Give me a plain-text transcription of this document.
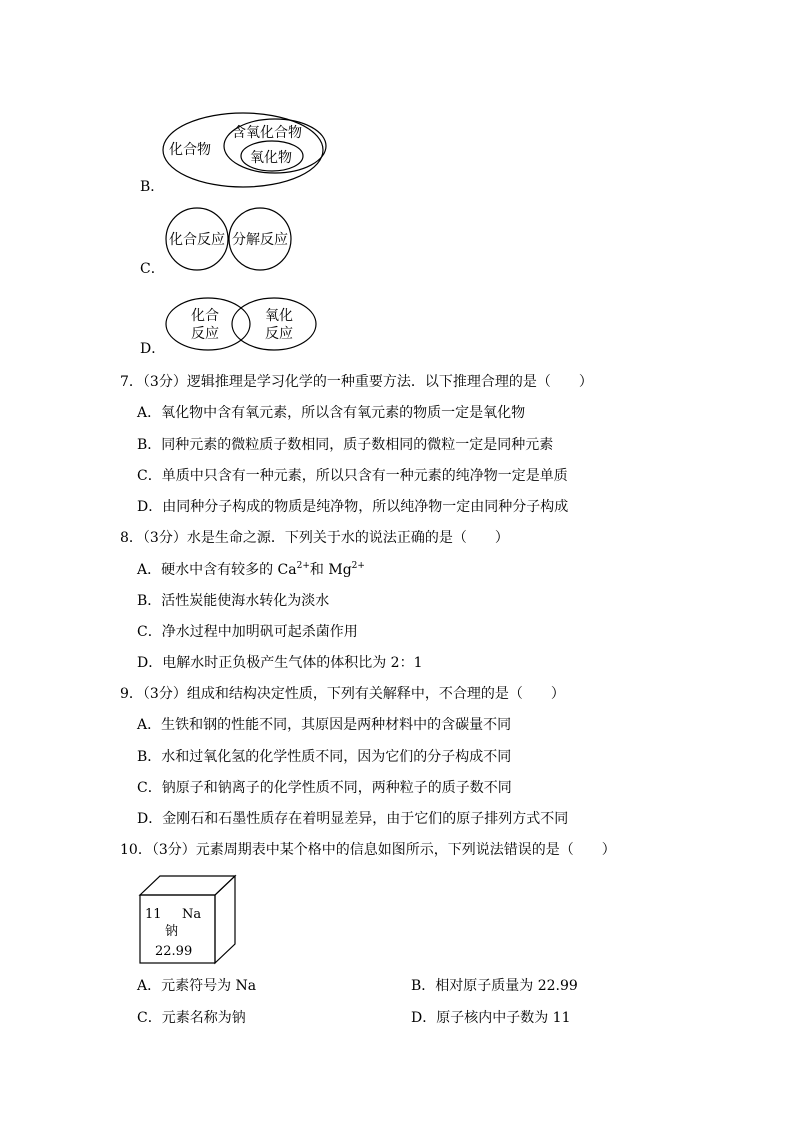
化合物
含氧化合物
氧化物
B．
化合反应 分解反应
C．
化合
反应
氧化
反应
D．
7．（3分）逻辑推理是学习化学的一种重要方法．以下推理合理的是（　　）
A．氧化物中含有氧元素，所以含有氧元素的物质一定是氧化物
B．同种元素的微粒质子数相同，质子数相同的微粒一定是同种元素
C．单质中只含有一种元素，所以只含有一种元素的纯净物一定是单质
D．由同种分子构成的物质是纯净物，所以纯净物一定由同种分子构成
8．（3分）水是生命之源．下列关于水的说法正确的是（　　）
A．硬水中含有较多的 $Ca^{2+}$和 $Mg^{2+}$
B．活性炭能使海水转化为淡水
C．净水过程中加明矾可起杀菌作用
D．电解水时正负极产生气体的体积比为 2：1
9．（3分）组成和结构决定性质，下列有关解释中，不合理的是（　　）
A．生铁和钢的性能不同，其原因是两种材料中的含碳量不同
B．水和过氧化氢的化学性质不同，因为它们的分子构成不同
C．钠原子和钠离子的化学性质不同，两种粒子的质子数不同
D．金刚石和石墨性质存在着明显差异，由于它们的原子排列方式不同
10．（3分）元素周期表中某个格中的信息如图所示，下列说法错误的是（　　）
11 Na
钠
22.99
A．元素符号为 Na	B．相对原子质量为 22.99
C．元素名称为钠	D．原子核内中子数为 11
